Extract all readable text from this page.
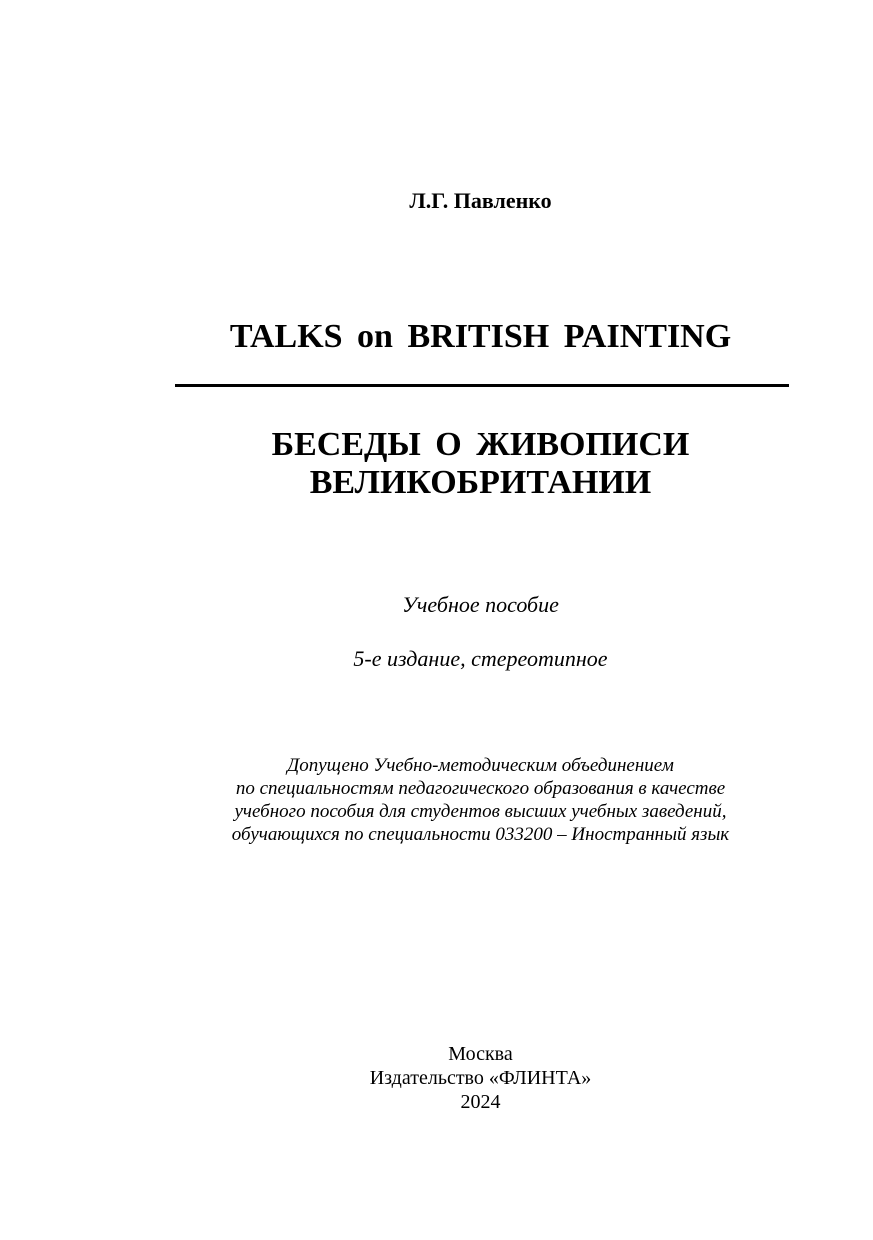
Л.Г. Павленко
TALKS on BRITISH PAINTING
БЕСЕДЫ О ЖИВОПИСИ
ВЕЛИКОБРИТАНИИ
Учебное пособие
5-е издание, стереотипное
Допущено Учебно-методическим объединением
по специальностям педагогического образования в качестве
учебного пособия для студентов высших учебных заведений,
обучающихся по специальности 033200 – Иностранный язык
Москва
Издательство «ФЛИНТА»
2024
